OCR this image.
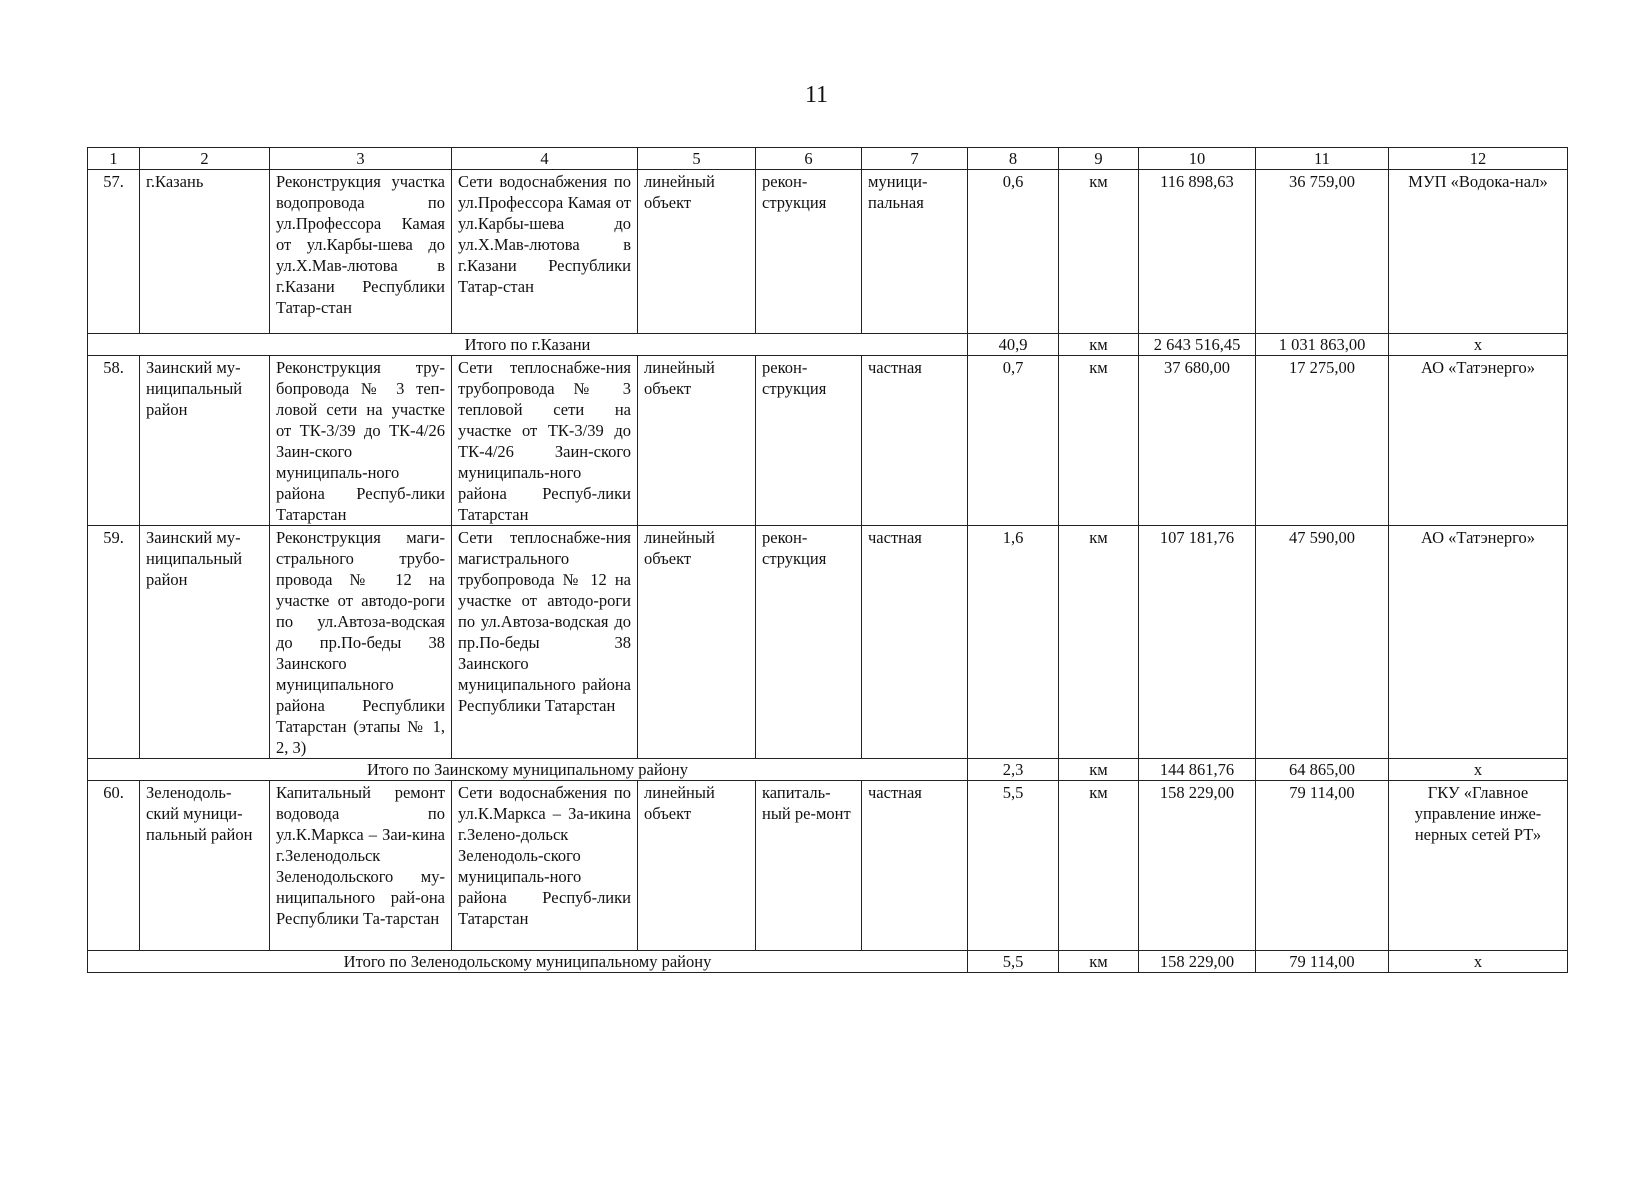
11
1	2	3	4	5	6	7	8	9	10	11	12
57.	г.Казань	Реконструкция участка водопровода по ул.Профессора Камая от ул.Карбы-шева до ул.Х.Мав-лютова в г.Казани Республики Татар-стан	Сети водоснабжения по ул.Профессора Камая от ул.Карбы-шева до ул.Х.Мав-лютова в г.Казани Республики Татар-стан	линейный объект	рекон-струкция	муници-пальная	0,6	км	116 898,63	36 759,00	МУП «Водока-нал»
Итого по г.Казани							40,9	км	2 643 516,45	1 031 863,00	x
58.	Заинский му-ниципальный район	Реконструкция тру-бопровода № 3 теп-ловой сети на участке от ТК-3/39 до ТК-4/26 Заин-ского муниципаль-ного района Респуб-лики Татарстан	Сети теплоснабже-ния трубопровода № 3 тепловой сети на участке от ТК-3/39 до ТК-4/26 Заин-ского муниципаль-ного района Респуб-лики Татарстан	линейный объект	рекон-струкция	частная	0,7	км	37 680,00	17 275,00	АО «Татэнерго»
59.	Заинский му-ниципальный район	Реконструкция маги-стрального трубо-провода № 12 на участке от автодо-роги по ул.Автоза-водская до пр.По-беды 38 Заинского муниципального района Республики Татарстан (этапы № 1, 2, 3)	Сети теплоснабже-ния магистрального трубопровода № 12 на участке от автодо-роги по ул.Автоза-водская до пр.По-беды 38 Заинского муниципального района Республики Татарстан	линейный объект	рекон-струкция	частная	1,6	км	107 181,76	47 590,00	АО «Татэнерго»
Итого по Заинскому муниципальному району							2,3	км	144 861,76	64 865,00	x
60.	Зеленодоль-ский муници-пальный район	Капитальный ремонт водовода по ул.К.Маркса – Заи-кина г.Зеленодольск Зеленодольского му-ниципального рай-она Республики Та-тарстан	Сети водоснабжения по ул.К.Маркса – За-икина г.Зелено-дольск Зеленодоль-ского муниципаль-ного района Респуб-лики Татарстан	линейный объект	капиталь-ный ре-монт	частная	5,5	км	158 229,00	79 114,00	ГКУ «Главное управление инже-нерных сетей РТ»
Итого по Зеленодольскому муниципальному району							5,5	км	158 229,00	79 114,00	x
